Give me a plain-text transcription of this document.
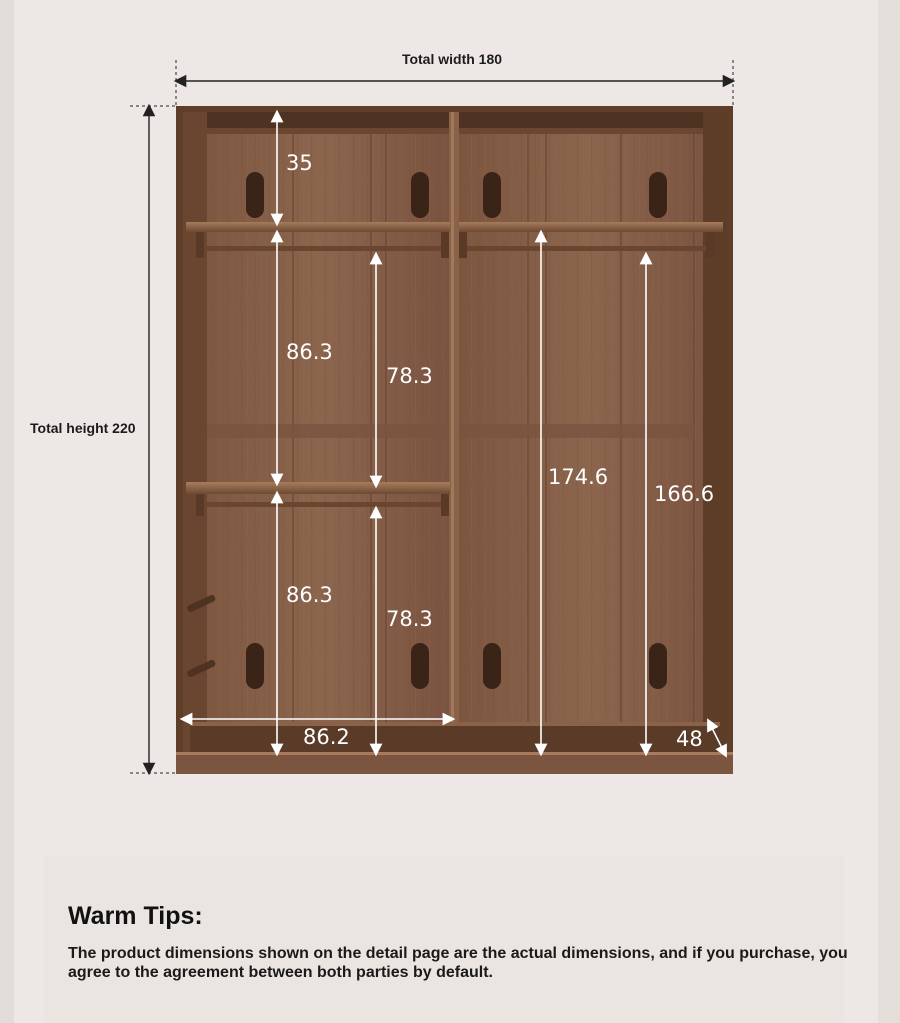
Total width 180
Total height 220
35
86.3
78.3
86.3
78.3
86.2
174.6
166.6
48
Warm Tips:

The product dimensions shown on the detail page are the actual dimensions, and if you purchase, you agree to the agreement between both parties by default.
